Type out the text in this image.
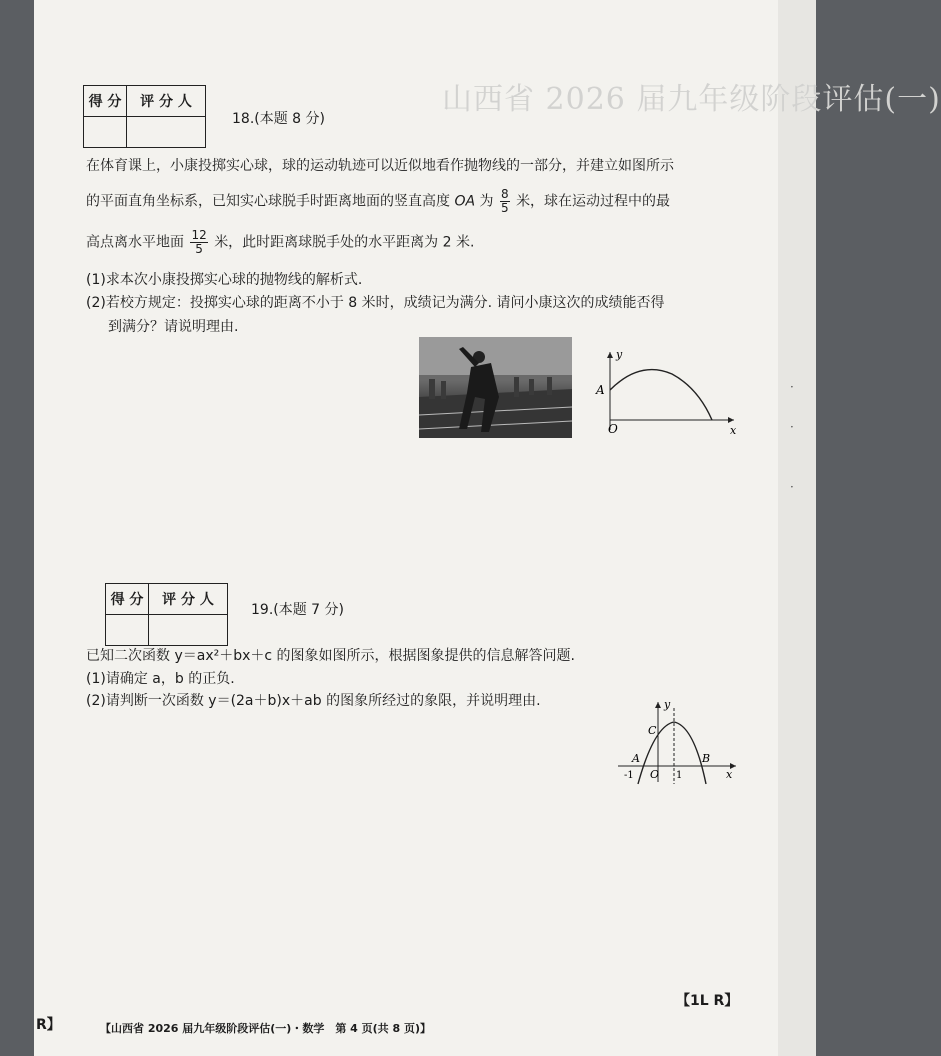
·
·
·
山西省 2026 届九年级阶段评估(一)
得 分	评 分 人

18.(本题 8 分)
在体育课上，小康投掷实心球，球的运动轨迹可以近似地看作抛物线的一部分，并建立如图所示
的平面直角坐标系，已知实心球脱手时距离地面的竖直高度 OA 为 $\frac{8}{5}$ 米，球在运动过程中的最
高点离水平地面 $\frac{12}{5}$ 米，此时距离球脱手处的水平距离为 2 米.
(1)求本次小康投掷实心球的抛物线的解析式.
(2)若校方规定：投掷实心球的距离不小于 8 米时，成绩记为满分. 请问小康这次的成绩能否得
到满分？请说明理由.
y
x
A
O
得 分	评 分 人

19.(本题 7 分)
已知二次函数 y＝ax²＋bx＋c 的图象如图所示，根据图象提供的信息解答问题.
(1)请确定 a，b 的正负.
(2)请判断一次函数 y＝(2a＋b)x＋ab 的图象所经过的象限，并说明理由.	y
x
C
A	B
O
-1	1
R】	【山西省 2026 届九年级阶段评估(一)・数学　第 4 页(共 8 页)】
【1L R】
